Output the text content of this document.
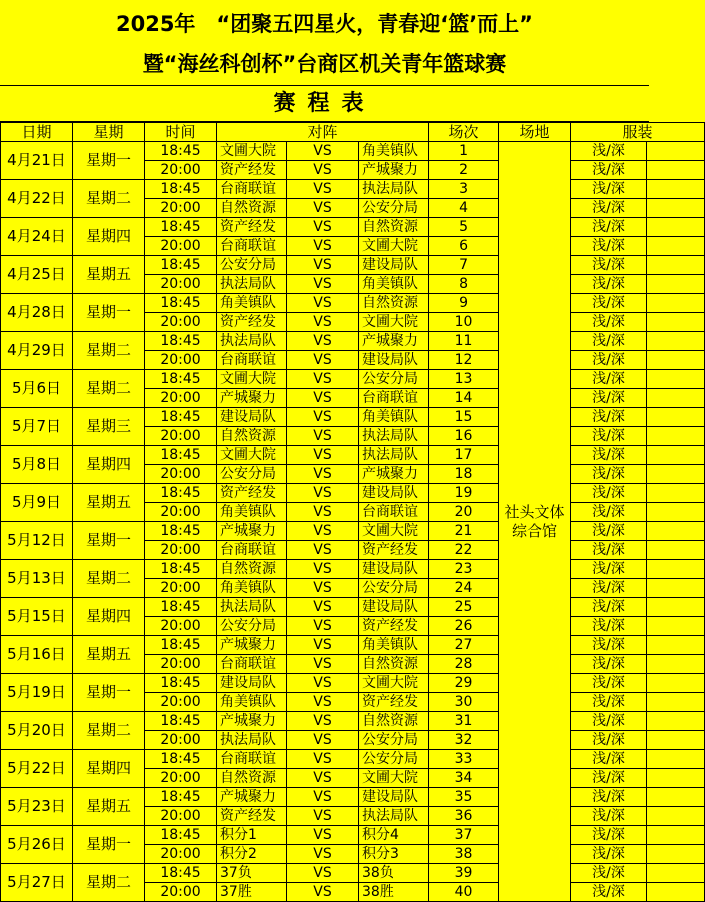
2025年　“团聚五四星火，青春迎‘篮’而上”
暨“海丝科创杯”台商区机关青年篮球赛
赛程表
日期	星期	时间	对阵			场次	场地	服装	
4月21日	星期一	18:45	文圃大院	VS	角美镇队	1	社头文体综合馆	浅/深	
		20:00	资产经发	VS	产城聚力	2		浅/深	
4月22日	星期二	18:45	台商联谊	VS	执法局队	3		浅/深	
		20:00	自然资源	VS	公安分局	4		浅/深	
4月24日	星期四	18:45	资产经发	VS	自然资源	5		浅/深	
		20:00	台商联谊	VS	文圃大院	6		浅/深	
4月25日	星期五	18:45	公安分局	VS	建设局队	7		浅/深	
		20:00	执法局队	VS	角美镇队	8		浅/深	
4月28日	星期一	18:45	角美镇队	VS	自然资源	9		浅/深	
		20:00	资产经发	VS	文圃大院	10		浅/深	
4月29日	星期二	18:45	执法局队	VS	产城聚力	11		浅/深	
		20:00	台商联谊	VS	建设局队	12		浅/深	
5月6日	星期二	18:45	文圃大院	VS	公安分局	13		浅/深	
		20:00	产城聚力	VS	台商联谊	14		浅/深	
5月7日	星期三	18:45	建设局队	VS	角美镇队	15		浅/深	
		20:00	自然资源	VS	执法局队	16		浅/深	
5月8日	星期四	18:45	文圃大院	VS	执法局队	17		浅/深	
		20:00	公安分局	VS	产城聚力	18		浅/深	
5月9日	星期五	18:45	资产经发	VS	建设局队	19		浅/深	
		20:00	角美镇队	VS	台商联谊	20		浅/深	
5月12日	星期一	18:45	产城聚力	VS	文圃大院	21		浅/深	
		20:00	台商联谊	VS	资产经发	22		浅/深	
5月13日	星期二	18:45	自然资源	VS	建设局队	23		浅/深	
		20:00	角美镇队	VS	公安分局	24		浅/深	
5月15日	星期四	18:45	执法局队	VS	建设局队	25		浅/深	
		20:00	公安分局	VS	资产经发	26		浅/深	
5月16日	星期五	18:45	产城聚力	VS	角美镇队	27		浅/深	
		20:00	台商联谊	VS	自然资源	28		浅/深	
5月19日	星期一	18:45	建设局队	VS	文圃大院	29		浅/深	
		20:00	角美镇队	VS	资产经发	30		浅/深	
5月20日	星期二	18:45	产城聚力	VS	自然资源	31		浅/深	
		20:00	执法局队	VS	公安分局	32		浅/深	
5月22日	星期四	18:45	台商联谊	VS	公安分局	33		浅/深	
		20:00	自然资源	VS	文圃大院	34		浅/深	
5月23日	星期五	18:45	产城聚力	VS	建设局队	35		浅/深	
		20:00	资产经发	VS	执法局队	36		浅/深	
5月26日	星期一	18:45	积分1	VS	积分4	37		浅/深	
		20:00	积分2	VS	积分3	38		浅/深	
5月27日	星期二	18:45	37负	VS	38负	39		浅/深	
		20:00	37胜	VS	38胜	40		浅/深	
